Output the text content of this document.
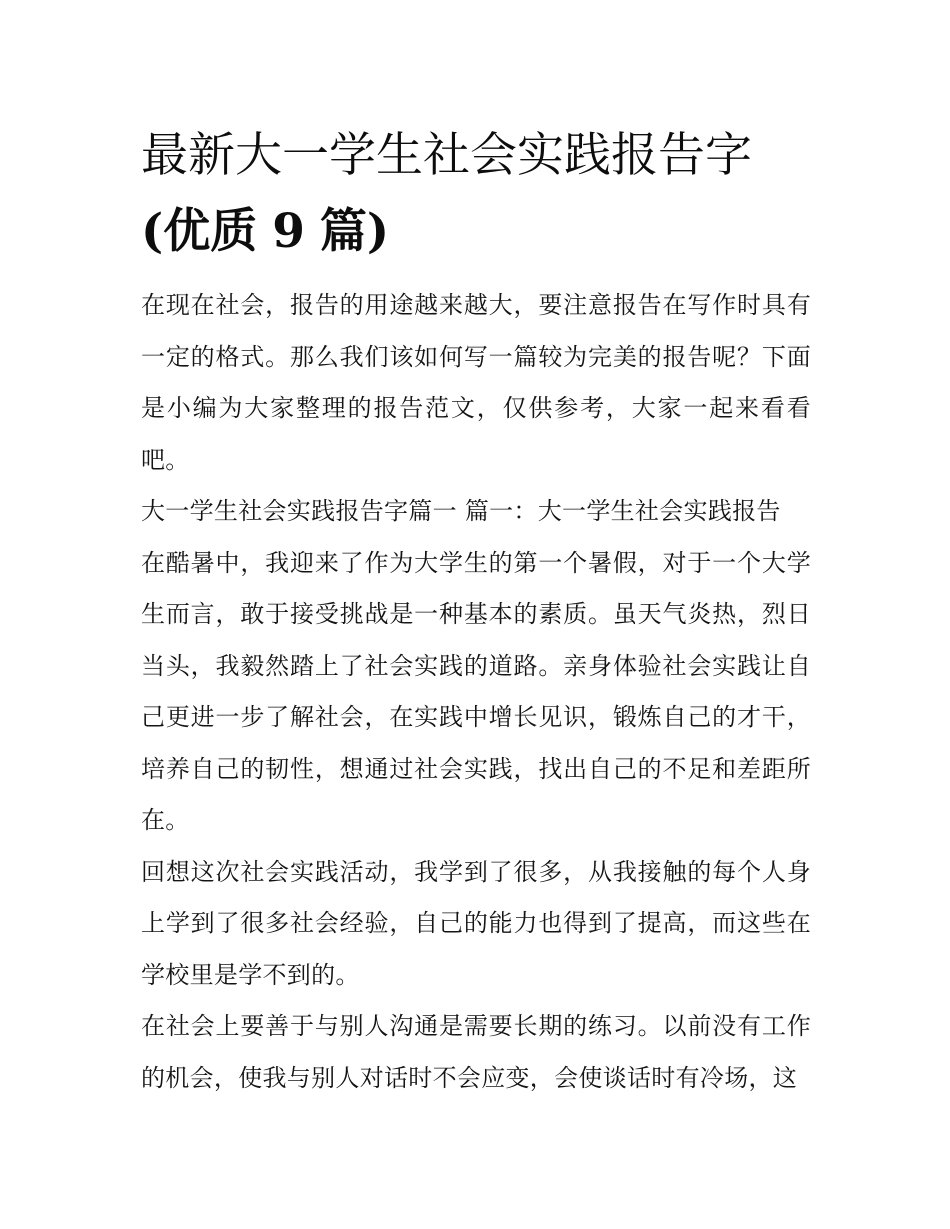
最新大一学生社会实践报告字
(优质 9 篇)

在现在社会，报告的用途越来越大，要注意报告在写作时具有一定的格式。那么我们该如何写一篇较为完美的报告呢？下面是小编为大家整理的报告范文，仅供参考，大家一起来看看吧。

大一学生社会实践报告字篇一 篇一：大一学生社会实践报告

在酷暑中，我迎来了作为大学生的第一个暑假，对于一个大学生而言，敢于接受挑战是一种基本的素质。虽天气炎热，烈日当头，我毅然踏上了社会实践的道路。亲身体验社会实践让自己更进一步了解社会，在实践中增长见识，锻炼自己的才干，培养自己的韧性，想通过社会实践，找出自己的不足和差距所在。

回想这次社会实践活动，我学到了很多，从我接触的每个人身上学到了很多社会经验，自己的能力也得到了提高，而这些在学校里是学不到的。

在社会上要善于与别人沟通是需要长期的练习。以前没有工作的机会，使我与别人对话时不会应变，会使谈话时有冷场，这
